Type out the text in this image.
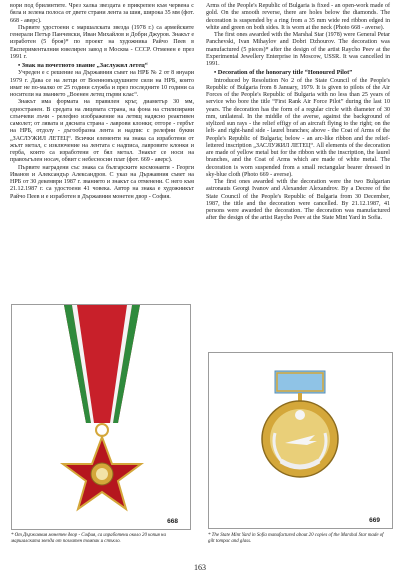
вори под брилянтите. Чрез халка звездата е прикрепен към червена с бяла и зелена полоса от двете страни лента за шия, широка 35 мм (фот. 668 - аверс).

Първите удостоени с маршалската звезда (1978 г.) са армейските генерали Петър Панчевски, Иван Михайлов и Добри Джуров. Знакът е изработен (5 броя)* по проект на художника Райчо Пеев в Експерименталния ювелирен завод в Москва - СССР. Отменен е през 1991 г.

• Знак на почетното звание „Заслужил летец“

Учреден е с решение на Държавния съвет на НРБ № 2 от 8 януари 1979 г. Дава се на летци от Военновъздушните сили на НРБ, които имат не по-малко от 25 години служба и през последните 10 години са носители на званието „Военен летец първи клас“.

Знакът има формата на правилен кръг, диаметър 30 мм, едностранен. В средата на лицевата страна, на фона на стилизирани слънчеви лъчи - релефно изображение на летящ надясно реактивен самолет; от лявата и дясната страна - лаврови клонки; отгоре - гербът на НРБ, отдолу - дъгообразна лента и надпис с релефни букви „ЗАСЛУЖИЛ ЛЕТЕЦ“. Всички елементи на знака са изработени от жълт метал, с изключение на лентата с надписа, лавровите клонки и герба, които са изработени от бял метал. Знакът се носи на правоъгълен носач, обвит с небесносин плат (фот. 669 - аверс).

Първите наградени със знака са българските космонавти - Георги Иванов и Александър Александров. С указ на Държавния съвет на НРБ от 30 декември 1987 г. званието и знакът са отменени. С него към 21.12.1987 г. са удостоени 41 човека. Автор на знака е художникът Райчо Пеев и е изработен в Държавния монетен двор - София.

Arms of the People's Republic of Bulgaria is fixed - an open-work made of gold. On the smooth reverse, there are holes below the diamonds. The decoration is suspended by a ring from a 35 mm wide red ribbon edged in white and green on both sides. It is worn at the neck (Photo 668 - averse).

The first ones awarded with the Marshal Star (1978) were General Petar Panchevski, Ivan Mihaylov and Dobri Dzhourov. The decoration was manufactured (5 pieces)* after the design of the artist Raycho Peev at the Experimental Jewellery Enterprise in Moscow, USSR. It was cancelled in 1991.

• Decoration of the honorary title “Honoured Pilot”

Introduced by Resolution No 2 of the State Council of the People's Republic of Bulgaria from 8 January, 1979. It is given to pilots of the Air Forces of the People's Republic of Bulgaria with no less than 25 years of service who bore the title “First Rank Air Force Pilot” during the last 10 years. The decoration has the form of a regular circle with diameter of 30 mm, unilateral. In the middle of the averse, against the background of stylized sun rays - the relief effigy of an aircraft flying to the right; on the left- and right-hand side - laurel branches; above - the Coat of Arms of the People's Republic of Bulgaria; below - an arc-like ribbon and the relief-lettered inscription „ЗАСЛУЖИЛ ЛЕТЕЦ“. All elements of the decoration are made of yellow metal but for the ribbon with the inscription, the laurel branches, and the Coat of Arms which are made of white metal. The decoration is worn suspended from a small rectangular bearer dressed in sky-blue cloth (Photo 669 - averse).

The first ones awarded with the decoration were the two Bulgarian astronauts Georgi Ivanov and Alexander Alexandrov. By a Decree of the State Council of the People's Republic of Bulgaria from 30 December, 1987, the title and the decoration were cancelled. By 21.12.1987, 41 persons were awarded the decoration. The decoration was manufactured after the design of the artist Raycho Peev at the State Mint Yard in Sofia.

668	669
* От Държавния монетен двор - София, са изработени около 20 копия на маршалската звезда от позлатен томпак и стъкло.
* The State Mint Yard in Sofia manufactured about 20 copies of the Marshal Star made of gilt tompac and glass.
163
